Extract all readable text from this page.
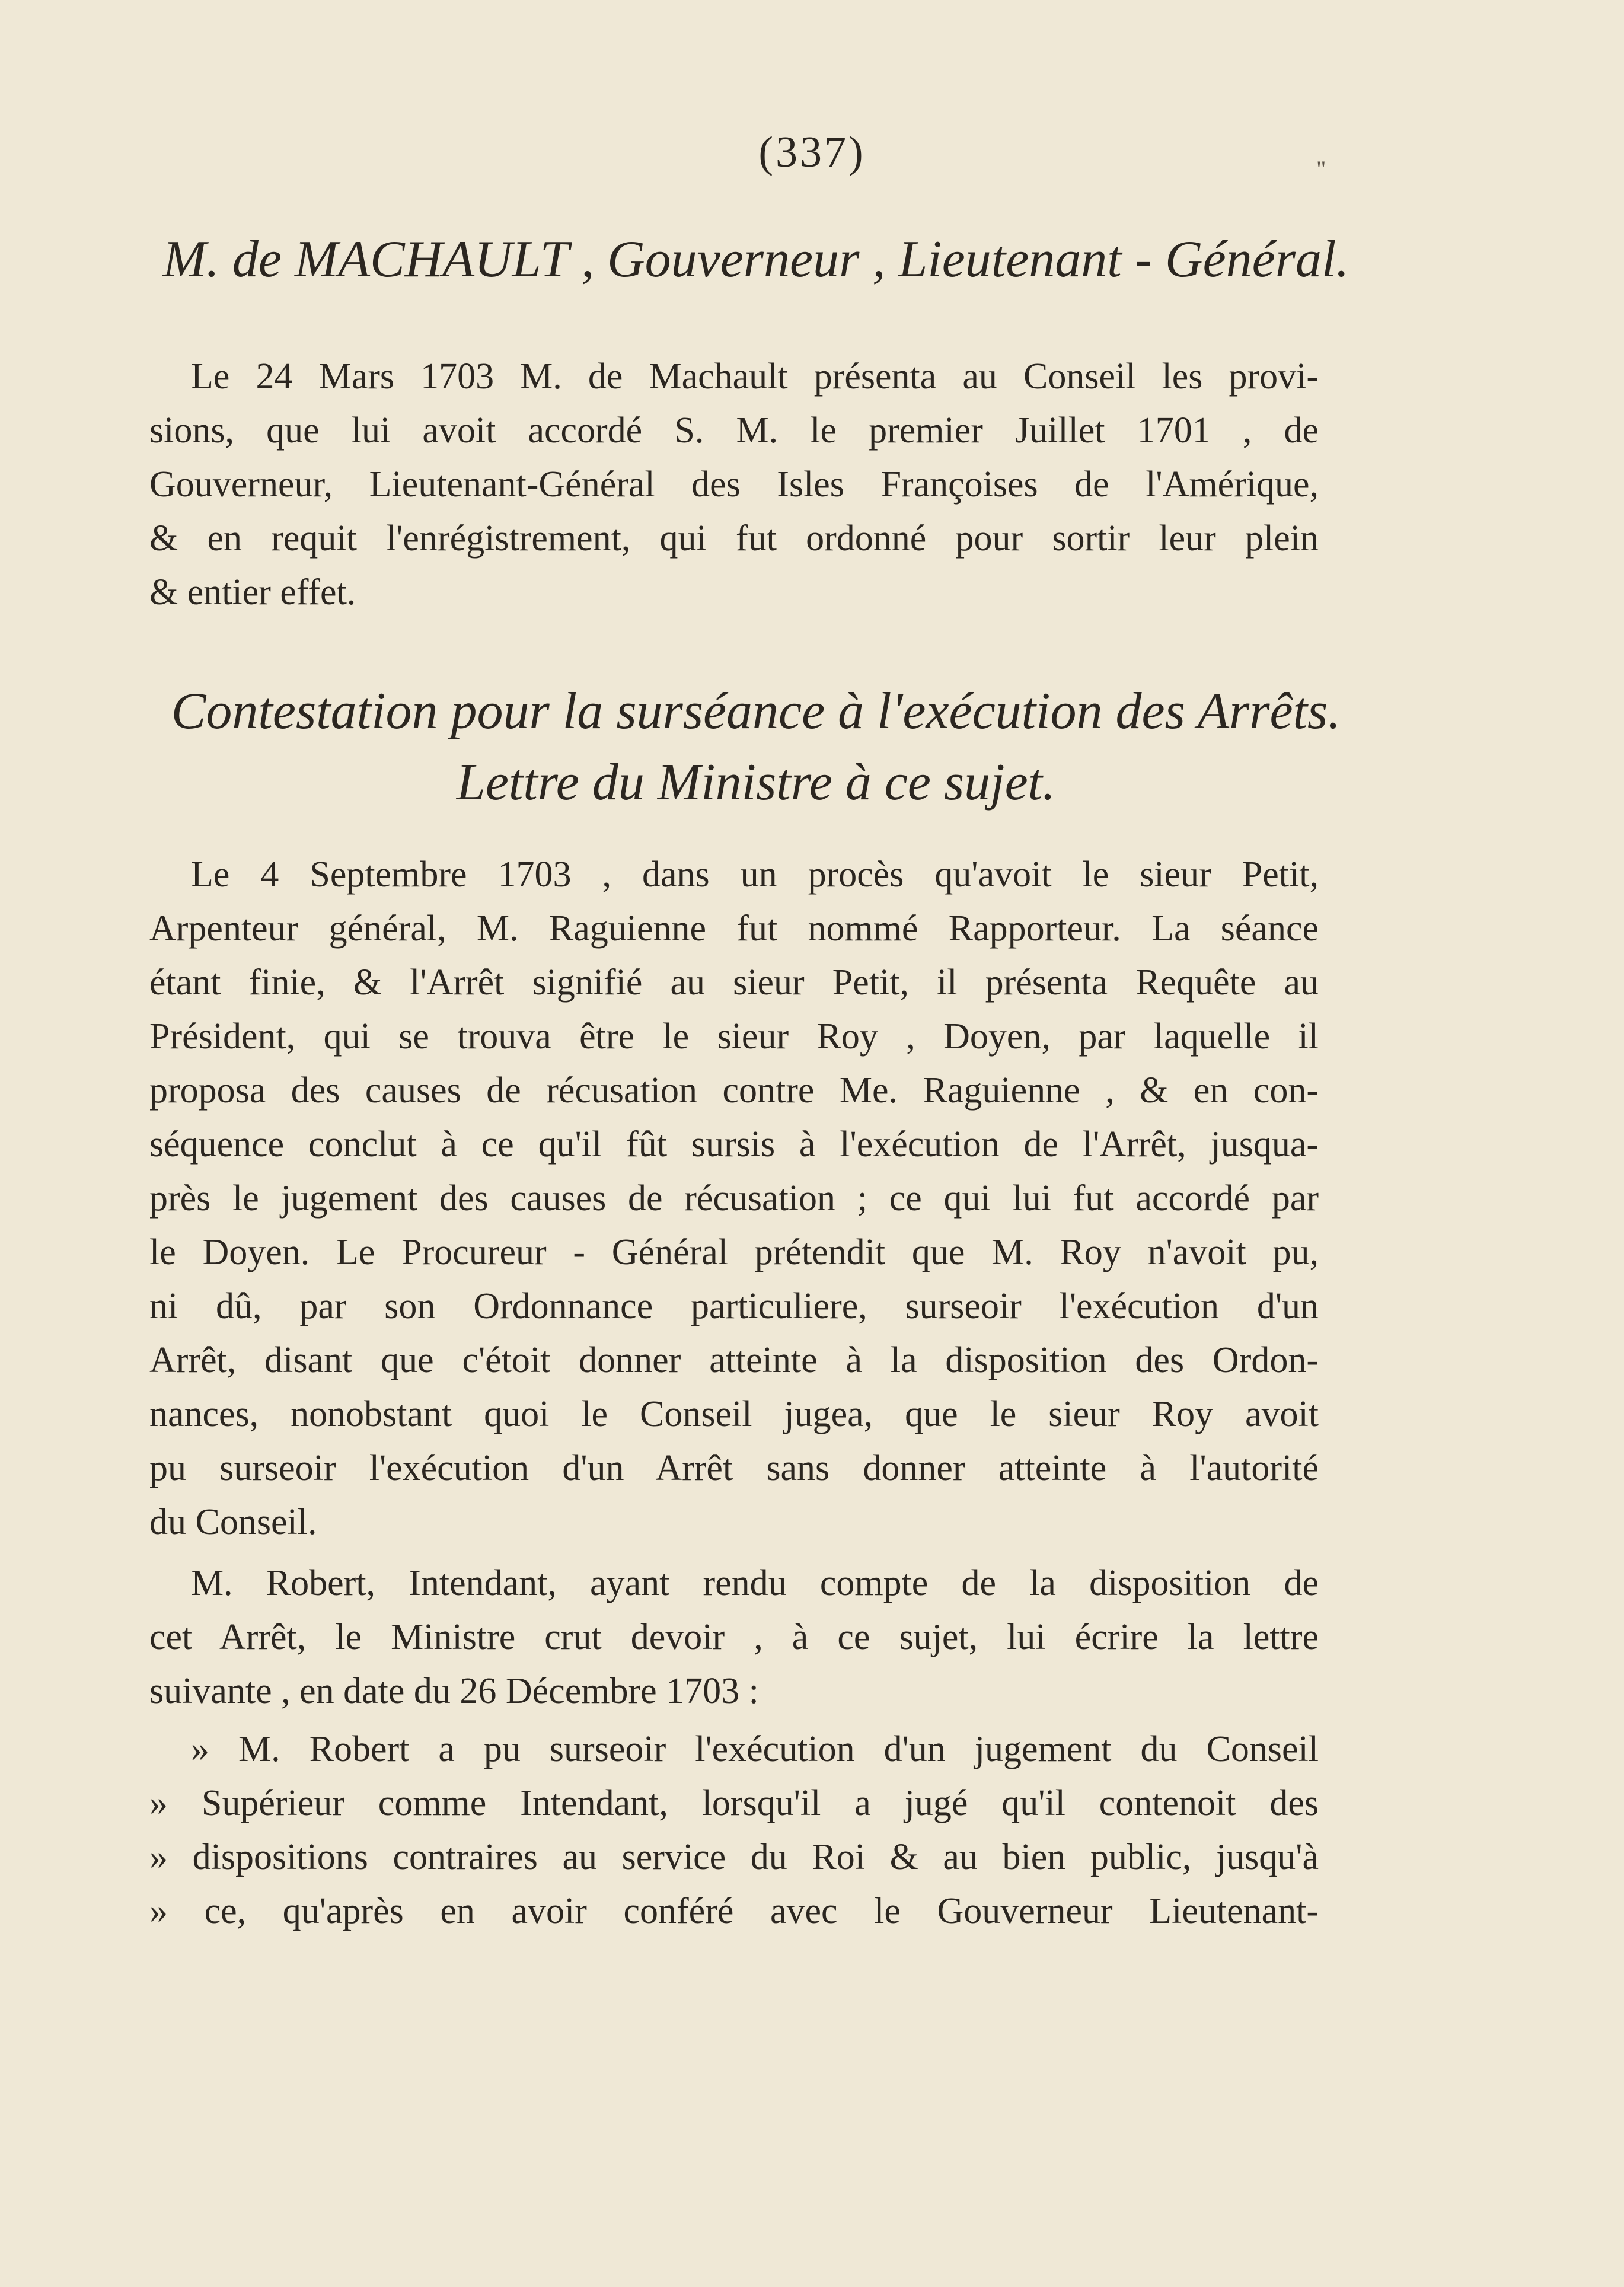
(337)	"
M. de MACHAULT , Gouverneur , Lieutenant - Général.
Le 24 Mars 1703 M. de Machault présenta au Conseil les provi-
sions, que lui avoit accordé S. M. le premier Juillet 1701 , de
Gouverneur, Lieutenant-Général des Isles Françoises de l'Amérique,
& en requit l'enrégistrement, qui fut ordonné pour sortir leur plein
& entier effet.
Contestation pour la surséance à l'exécution des Arrêts.
Lettre du Ministre à ce sujet.
Le 4 Septembre 1703 , dans un procès qu'avoit le sieur Petit,
Arpenteur général, M. Raguienne fut nommé Rapporteur. La séance
étant finie, & l'Arrêt signifié au sieur Petit, il présenta Requête au
Président, qui se trouva être le sieur Roy , Doyen, par laquelle il
proposa des causes de récusation contre Me. Raguienne , & en con-
séquence conclut à ce qu'il fût sursis à l'exécution de l'Arrêt, jusqua-
près le jugement des causes de récusation ; ce qui lui fut accordé par
le Doyen. Le Procureur - Général prétendit que M. Roy n'avoit pu,
ni dû, par son Ordonnance particuliere, surseoir l'exécution d'un
Arrêt, disant que c'étoit donner atteinte à la disposition des Ordon-
nances, nonobstant quoi le Conseil jugea, que le sieur Roy avoit
pu surseoir l'exécution d'un Arrêt sans donner atteinte à l'autorité
du Conseil.
M. Robert, Intendant, ayant rendu compte de la disposition de
cet Arrêt, le Ministre crut devoir , à ce sujet, lui écrire la lettre
suivante , en date du 26 Décembre 1703 :
» M. Robert a pu surseoir l'exécution d'un jugement du Conseil
» Supérieur comme Intendant, lorsqu'il a jugé qu'il contenoit des
» dispositions contraires au service du Roi & au bien public, jusqu'à
» ce, qu'après en avoir conféré avec le Gouverneur Lieutenant-
